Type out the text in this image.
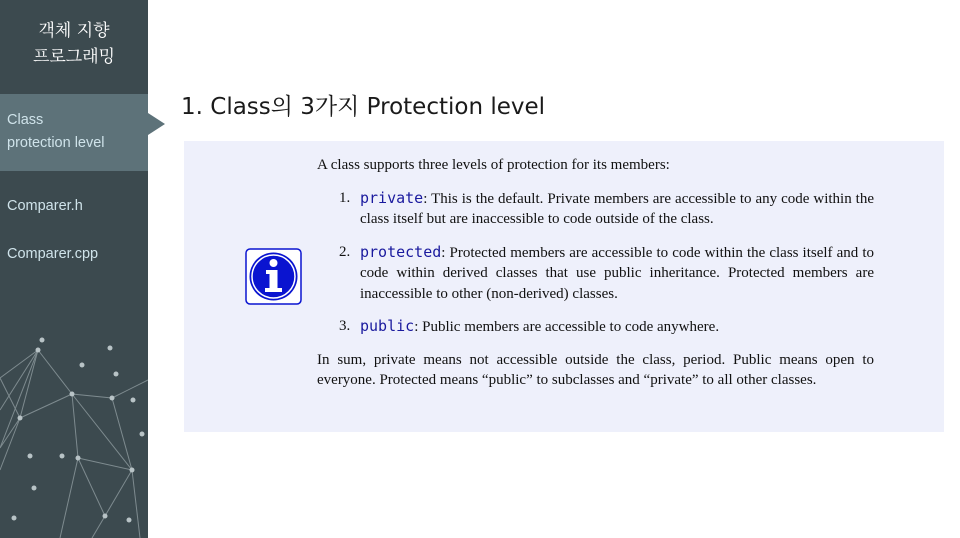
객체 지향
프로그래밍
Class
protection level
Comparer.h
Comparer.cpp
1. Class의 3가지 Protection level

A class supports three levels of protection for its members:

1. private: This is the default. Private members are accessible to any code within the class itself but are inaccessible to code outside of the class.
2. protected: Protected members are accessible to code within the class itself and to code within derived classes that use public inheritance. Protected members are inaccessible to other (non-derived) classes.
3. public: Public members are accessible to code anywhere.

In sum, private means not accessible outside the class, period. Public means open to everyone. Protected means “public” to subclasses and “private” to all other classes.
